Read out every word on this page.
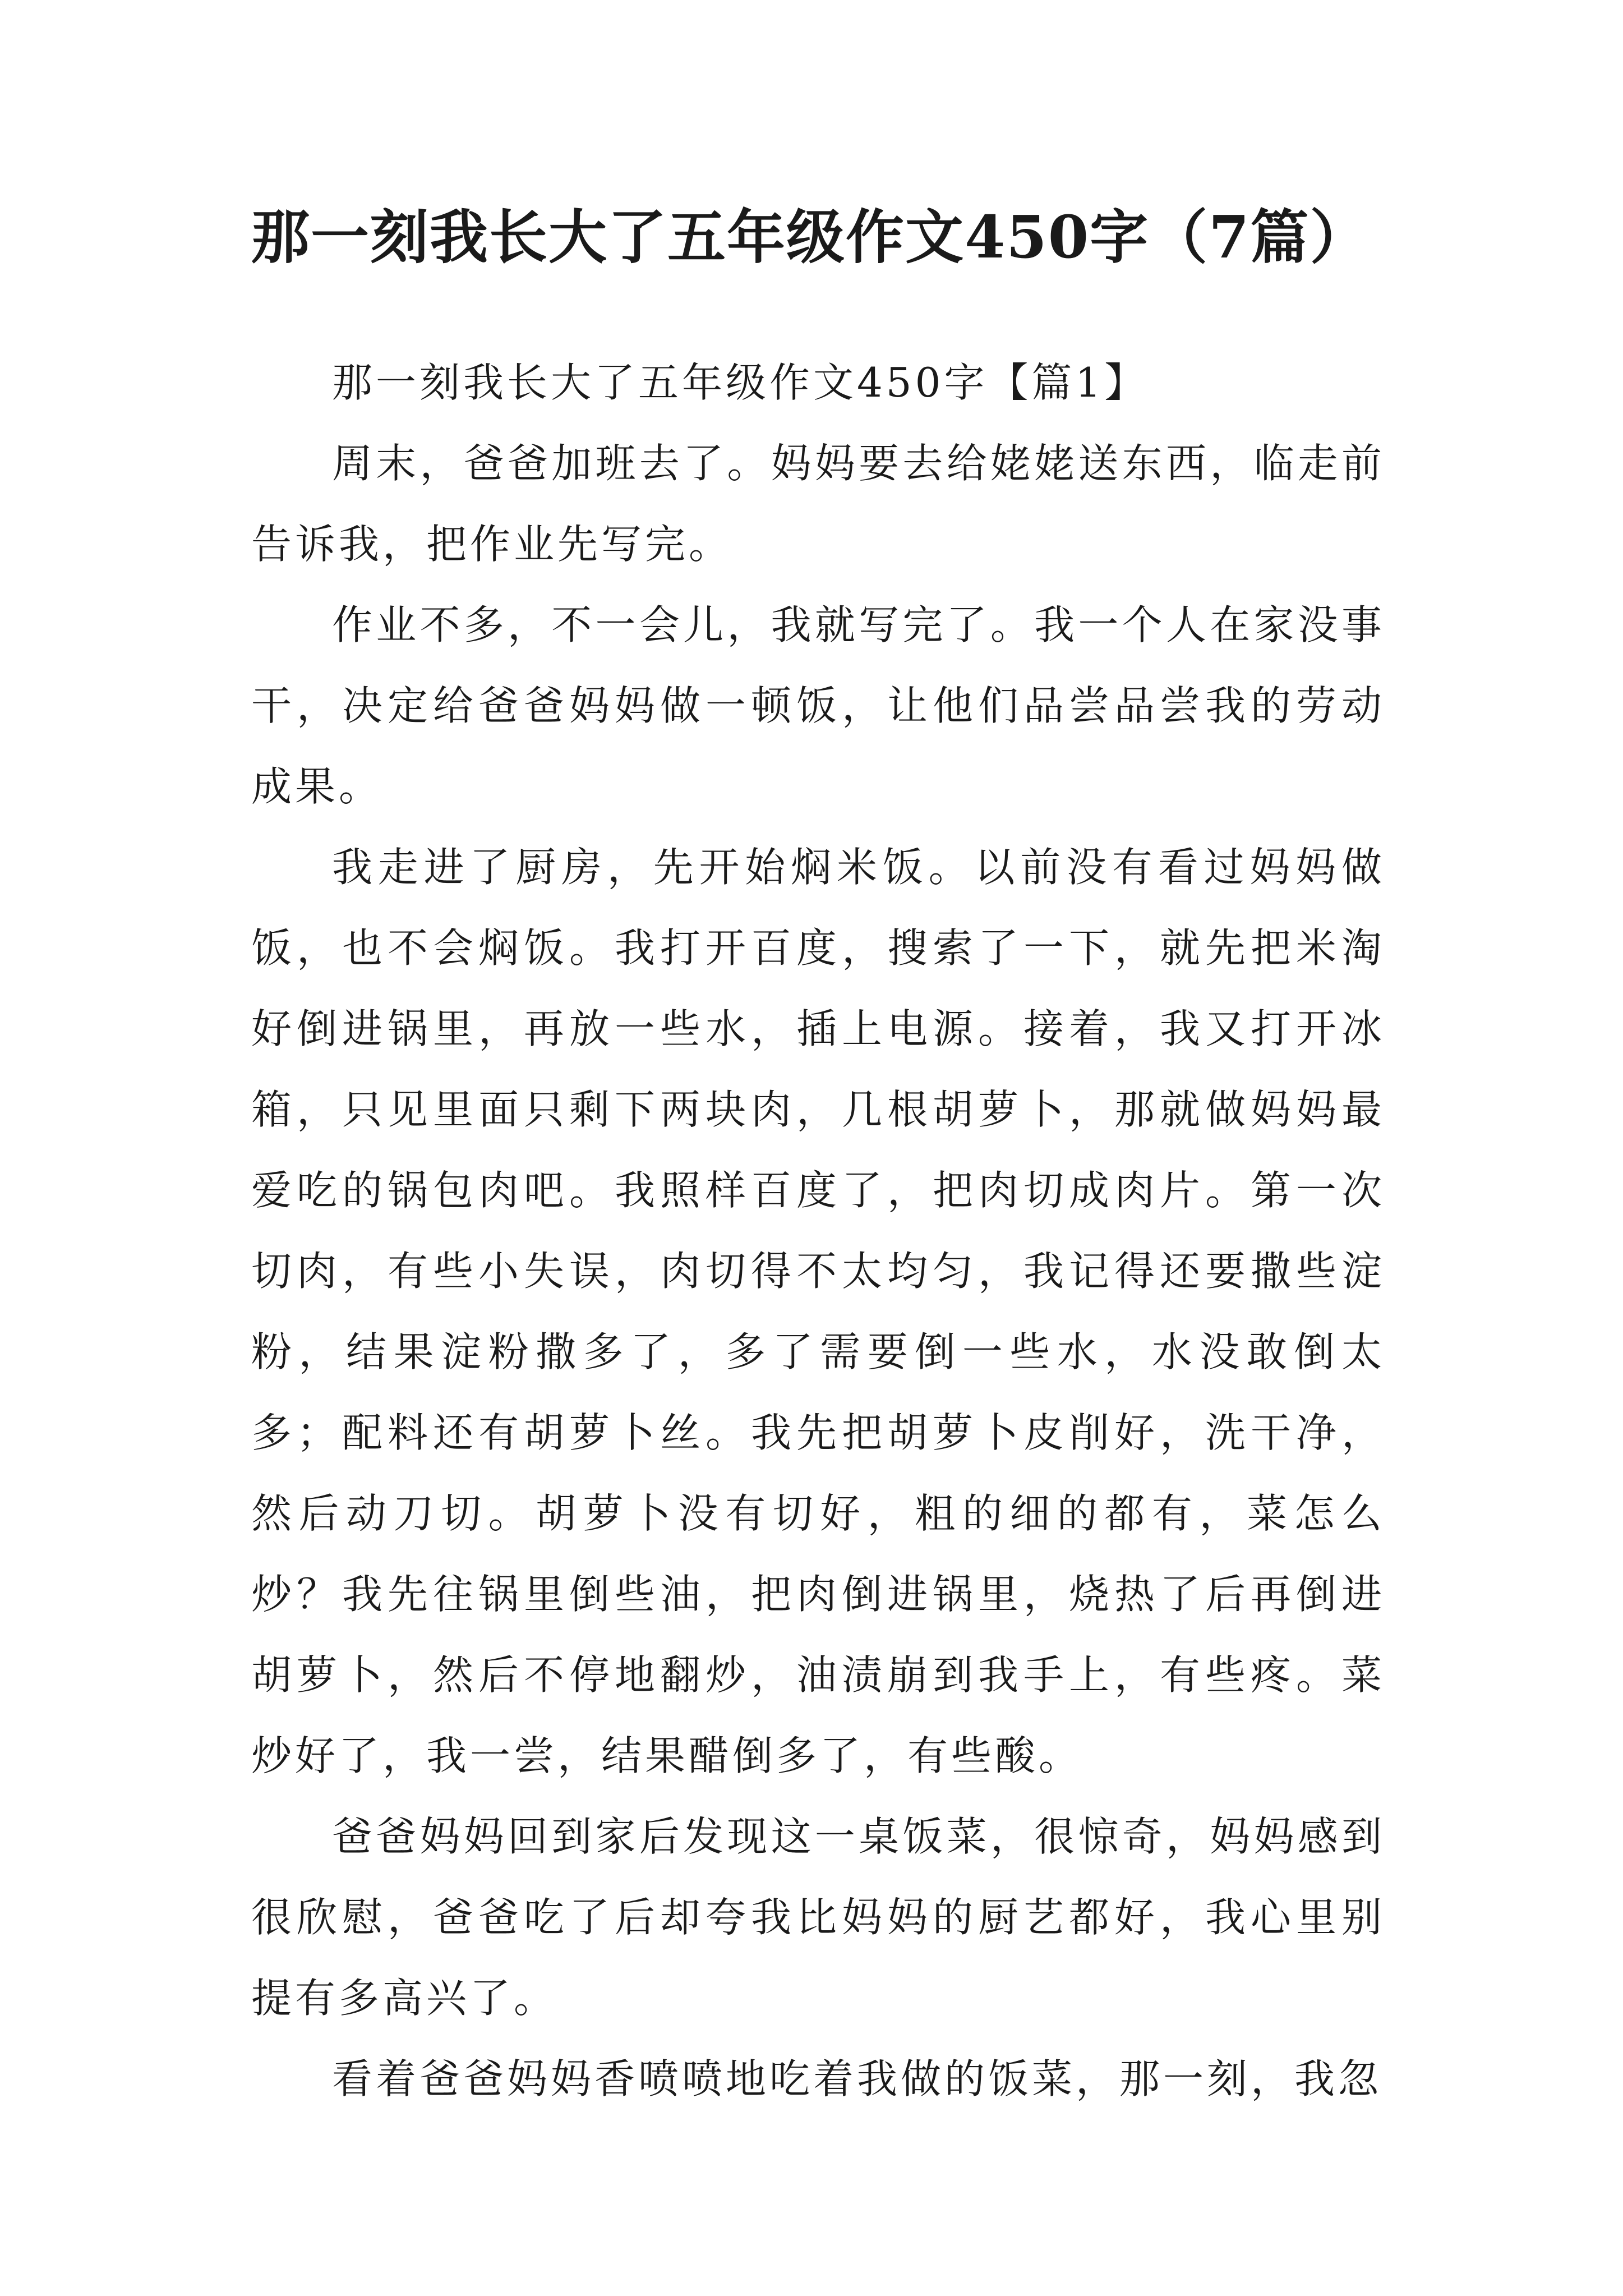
那一刻我长大了五年级作文450字（7篇）

那一刻我长大了五年级作文450字【篇1】

周末，爸爸加班去了。妈妈要去给姥姥送东西，临走前告诉我，把作业先写完。

作业不多，不一会儿，我就写完了。我一个人在家没事干，决定给爸爸妈妈做一顿饭，让他们品尝品尝我的劳动成果。

我走进了厨房，先开始焖米饭。以前没有看过妈妈做饭，也不会焖饭。我打开百度，搜索了一下，就先把米淘好倒进锅里，再放一些水，插上电源。接着，我又打开冰箱，只见里面只剩下两块肉，几根胡萝卜，那就做妈妈最爱吃的锅包肉吧。我照样百度了，把肉切成肉片。第一次切肉，有些小失误，肉切得不太均匀，我记得还要撒些淀粉，结果淀粉撒多了，多了需要倒一些水，水没敢倒太多；配料还有胡萝卜丝。我先把胡萝卜皮削好，洗干净，然后动刀切。胡萝卜没有切好，粗的细的都有，菜怎么炒？我先往锅里倒些油，把肉倒进锅里，烧热了后再倒进胡萝卜，然后不停地翻炒，油渍崩到我手上，有些疼。菜炒好了，我一尝，结果醋倒多了，有些酸。

爸爸妈妈回到家后发现这一桌饭菜，很惊奇，妈妈感到很欣慰，爸爸吃了后却夸我比妈妈的厨艺都好，我心里别提有多高兴了。

看着爸爸妈妈香喷喷地吃着我做的饭菜，那一刻，我忽
